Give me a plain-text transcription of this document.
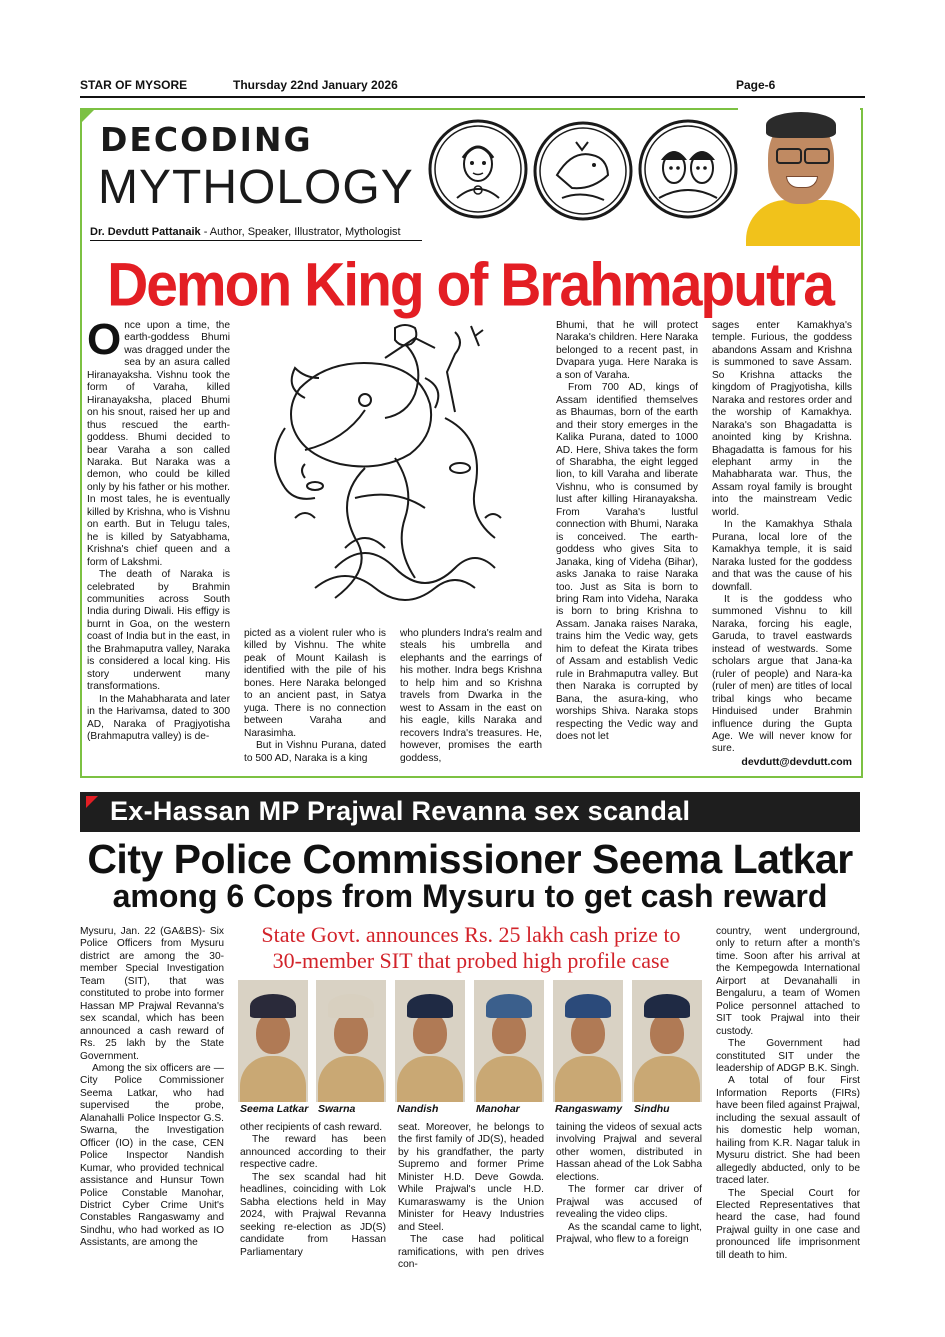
STAR OF MYSORE	Thursday 22nd January 2026	Page-6
DECODING
MYTHOLOGY
Dr. Devdutt Pattanaik - Author, Speaker, Illustrator, Mythologist
Demon King of Brahmaputra

Once upon a time, the earth-goddess Bhumi was dragged under the sea by an asura called Hiranayaksha. Vishnu took the form of Varaha, killed Hiranayaksha, placed Bhumi on his snout, raised her up and thus rescued the earth-goddess. Bhumi decided to bear Varaha a son called Naraka. But Naraka was a demon, who could be killed only by his father or his mother. In most tales, he is eventually killed by Krishna, who is Vishnu on earth. But in Telugu tales, he is killed by Satyabhama, Krishna's chief queen and a form of Lakshmi.

The death of Naraka is celebrated by Brahmin communities across South India during Diwali. His effigy is burnt in Goa, on the western coast of India but in the east, in the Brahmaputra valley, Naraka is considered a local king. His story underwent many transformations.

In the Mahabharata and later in the Harivamsa, dated to 300 AD, Naraka of Pragjyotisha (Brahmaputra valley) is de-

picted as a violent ruler who is killed by Vishnu. The white peak of Mount Kailash is identified with the pile of his bones. Here Naraka belonged to an ancient past, in Satya yuga. There is no connection between Varaha and Narasimha.

But in Vishnu Purana, dated to 500 AD, Naraka is a king

who plunders Indra's realm and steals his umbrella and elephants and the earrings of his mother. Indra begs Krishna to help him and so Krishna travels from Dwarka in the west to Assam in the east on his eagle, kills Naraka and recovers Indra's treasures. He, however, promises the earth goddess,

Bhumi, that he will protect Naraka's children. Here Naraka belonged to a recent past, in Dvapara yuga. Here Naraka is a son of Varaha.

From 700 AD, kings of Assam identified themselves as Bhaumas, born of the earth and their story emerges in the Kalika Purana, dated to 1000 AD. Here, Shiva takes the form of Sharabha, the eight legged lion, to kill Varaha and liberate Vishnu, who is consumed by lust after killing Hiranayaksha. From Varaha's lustful connection with Bhumi, Naraka is conceived. The earth-goddess who gives Sita to Janaka, king of Videha (Bihar), asks Janaka to raise Naraka too. Just as Sita is born to bring Ram into Videha, Naraka is born to bring Krishna to Assam. Janaka raises Naraka, trains him the Vedic way, gets him to defeat the Kirata tribes of Assam and establish Vedic rule in Brahmaputra valley. But then Naraka is corrupted by Bana, the asura-king, who worships Shiva. Naraka stops respecting the Vedic way and does not let

sages enter Kamakhya's temple. Furious, the goddess abandons Assam and Krishna is summoned to save Assam. So Krishna attacks the kingdom of Pragjyotisha, kills Naraka and restores order and the worship of Kamakhya. Naraka's son Bhagadatta is anointed king by Krishna. Bhagadatta is famous for his elephant army in the Mahabharata war. Thus, the Assam royal family is brought into the mainstream Vedic world.

In the Kamakhya Sthala Purana, local lore of the Kamakhya temple, it is said Naraka lusted for the goddess and that was the cause of his downfall.

It is the goddess who summoned Vishnu to kill Naraka, forcing his eagle, Garuda, to travel eastwards instead of westwards. Some scholars argue that Jana-ka (ruler of people) and Nara-ka (ruler of men) are titles of local tribal kings who became Hinduised under Brahmin influence during the Gupta Age. We will never know for sure.

devdutt@devdutt.com
Ex-Hassan MP Prajwal Revanna sex scandal
City Police Commissioner Seema Latkar
among 6 Cops from Mysuru to get cash reward
State Govt. announces Rs. 25 lakh cash prize to
30-member SIT that probed high profile case
Seema Latkar Swarna	Nandish	Manohar	Rangaswamy Sindhu

Mysuru, Jan. 22 (GA&BS)- Six Police Officers from Mysuru district are among the 30-member Special Investigation Team (SIT), that was constituted to probe into former Hassan MP Prajwal Revanna's sex scandal, which has been announced a cash reward of Rs. 25 lakh by the State Government.

Among the six officers are — City Police Commissioner Seema Latkar, who had supervised the probe, Alanahalli Police Inspector G.S. Swarna, the Investigation Officer (IO) in the case, CEN Police Inspector Nandish Kumar, who provided technical assistance and Hunsur Town Police Constable Manohar, District Cyber Crime Unit's Constables Rangaswamy and Sindhu, who had worked as IO Assistants, are among the

other recipients of cash reward.

The reward has been announced according to their respective cadre.

The sex scandal had hit headlines, coinciding with Lok Sabha elections held in May 2024, with Prajwal Revanna seeking re-election as JD(S) candidate from Hassan Parliamentary

seat. Moreover, he belongs to the first family of JD(S), headed by his grandfather, the party Supremo and former Prime Minister H.D. Deve Gowda. While Prajwal's uncle H.D. Kumaraswamy is the Union Minister for Heavy Industries and Steel.

The case had political ramifications, with pen drives con-

taining the videos of sexual acts involving Prajwal and several other women, distributed in Hassan ahead of the Lok Sabha elections.

The former car driver of Prajwal was accused of revealing the video clips.

As the scandal came to light, Prajwal, who flew to a foreign

country, went underground, only to return after a month's time. Soon after his arrival at the Kempegowda International Airport at Devanahalli in Bengaluru, a team of Women Police personnel attached to SIT took Prajwal into their custody.

The Government had constituted SIT under the leadership of ADGP B.K. Singh.

A total of four First Information Reports (FIRs) have been filed against Prajwal, including the sexual assault of his domestic help woman, hailing from K.R. Nagar taluk in Mysuru district. She had been allegedly abducted, only to be traced later.

The Special Court for Elected Representatives that heard the case, had found Prajwal guilty in one case and pronounced life imprisonment till death to him.
